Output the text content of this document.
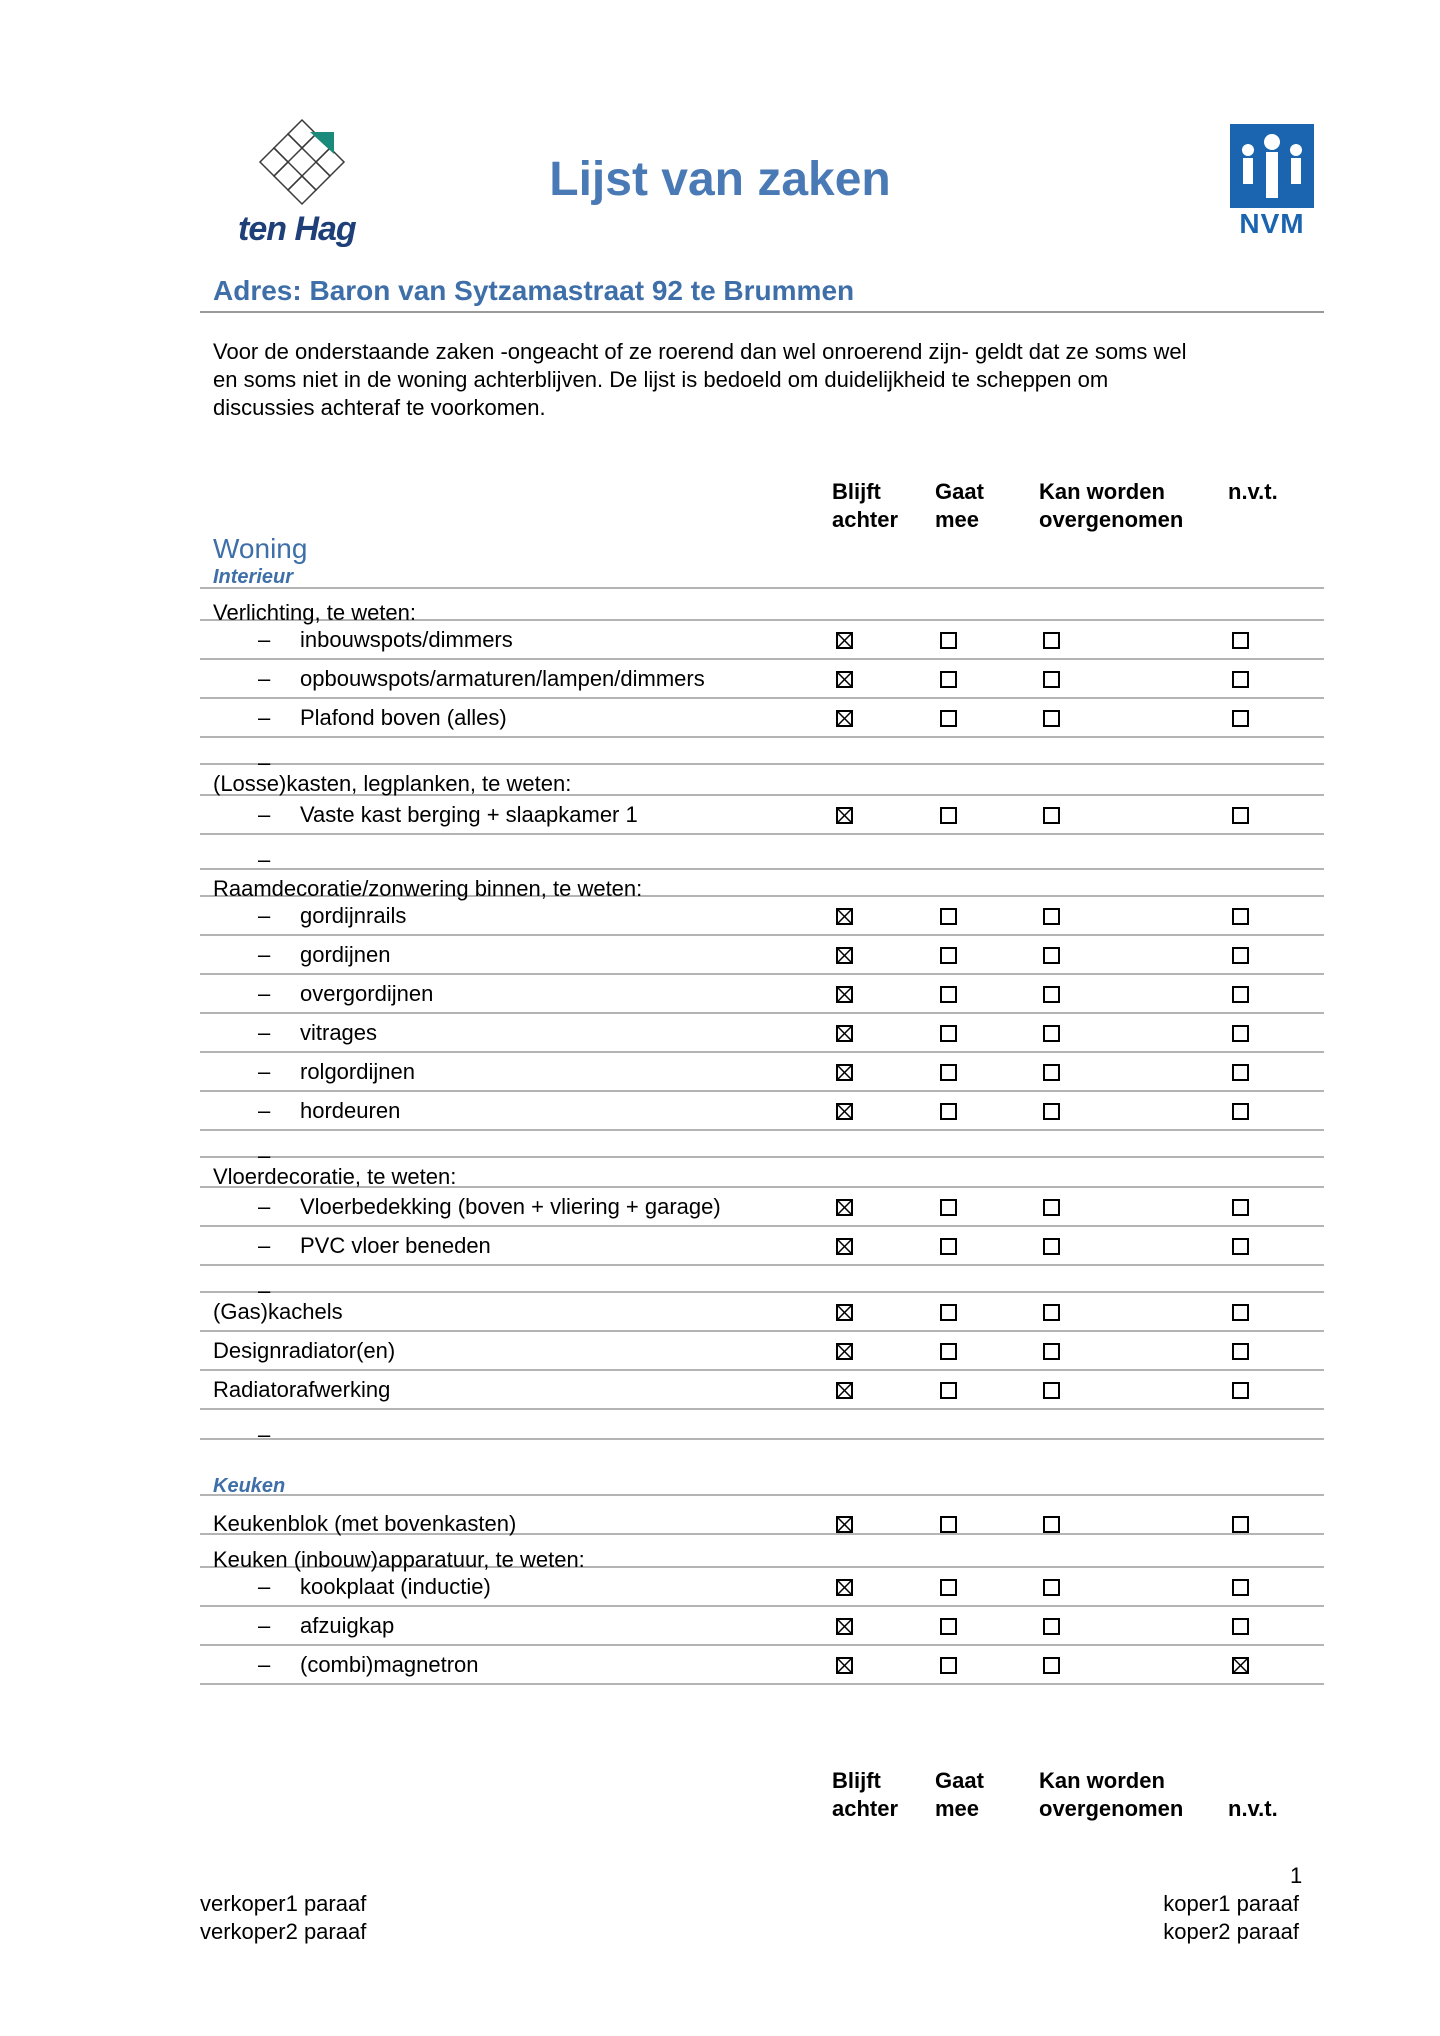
ten Hag	NVM
Lijst van zaken
Adres: Baron van Sytzamastraat 92 te Brummen
Voor de onderstaande zaken -ongeacht of ze roerend dan wel onroerend zijn- geldt dat ze soms wel
en soms niet in de woning achterblijven. De lijst is bedoeld om duidelijkheid te scheppen om
discussies achteraf te voorkomen.
Blijft
achter
Gaat
mee
Kan worden
overgenomen
n.v.t.
Woning
Interieur
Keuken
Verlichting, te weten:
– inbouwspots/dimmers
– opbouwspots/armaturen/lampen/dimmers
– Plafond boven (alles)
–
(Losse)kasten, legplanken, te weten:
– Vaste kast berging + slaapkamer 1
–
Raamdecoratie/zonwering binnen, te weten:
– gordijnrails
– gordijnen
– overgordijnen
– vitrages
– rolgordijnen
– hordeuren
–
Vloerdecoratie, te weten:
– Vloerbedekking (boven + vliering + garage)
– PVC vloer beneden
–
(Gas)kachels
Designradiator(en)
Radiatorafwerking
–
Keukenblok (met bovenkasten)
Keuken (inbouw)apparatuur, te weten:
– kookplaat (inductie)
– afzuigkap
– (combi)magnetron
Blijft
achter
Gaat
mee
Kan worden
overgenomen n.v.t.
1
verkoper1 paraaf
verkoper2 paraaf
koper1 paraaf
koper2 paraaf
